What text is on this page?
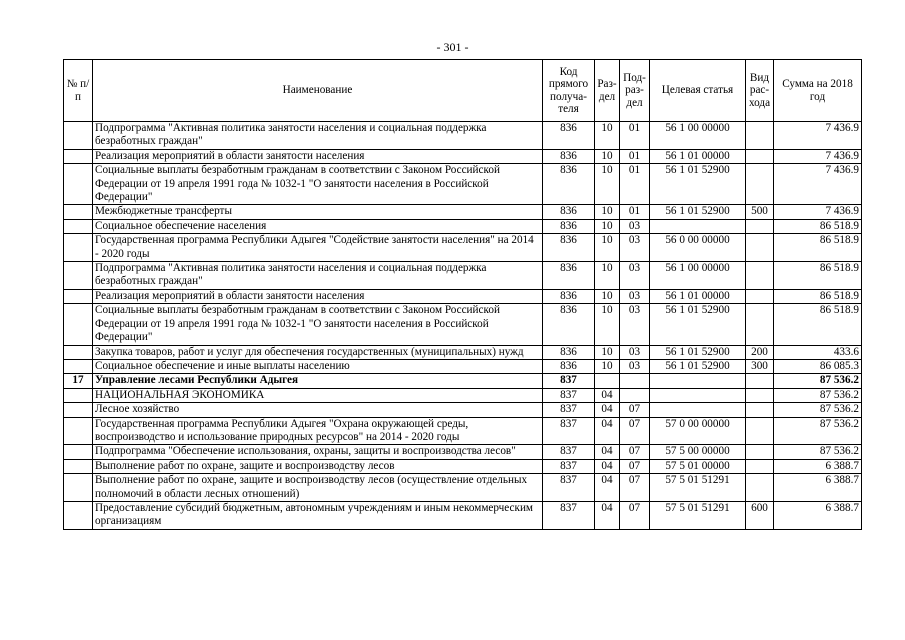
- 301 -
№ п/п	Наименование	Код прямого получа-теля	Раз-дел	Под-раз-дел	Целевая статья	Вид рас-хода	Сумма на 2018 год
	Подпрограмма "Активная политика занятости населения и социальная поддержка безработных граждан"	836	10	01	56 1 00 00000		7 436.9
	Реализация мероприятий в области занятости населения	836	10	01	56 1 01 00000		7 436.9
	Социальные выплаты безработным гражданам в соответствии с Законом Российской Федерации от 19 апреля 1991 года № 1032-1 "О занятости населения в Российской Федерации"	836	10	01	56 1 01 52900		7 436.9
	Межбюджетные трансферты	836	10	01	56 1 01 52900	500	7 436.9
	Социальное обеспечение населения	836	10	03			86 518.9
	Государственная программа Республики Адыгея "Содействие занятости населения" на 2014 - 2020 годы	836	10	03	56 0 00 00000		86 518.9
	Подпрограмма "Активная политика занятости населения и социальная поддержка безработных граждан"	836	10	03	56 1 00 00000		86 518.9
	Реализация мероприятий в области занятости населения	836	10	03	56 1 01 00000		86 518.9
	Социальные выплаты безработным гражданам в соответствии с Законом Российской Федерации от 19 апреля 1991 года № 1032-1 "О занятости населения в Российской Федерации"	836	10	03	56 1 01 52900		86 518.9
	Закупка товаров, работ и услуг для обеспечения государственных (муниципальных) нужд	836	10	03	56 1 01 52900	200	433.6
	Социальное обеспечение и иные выплаты населению	836	10	03	56 1 01 52900	300	86 085.3
17	Управление лесами Республики Адыгея	837					87 536.2
	НАЦИОНАЛЬНАЯ ЭКОНОМИКА	837	04				87 536.2
	Лесное хозяйство	837	04	07			87 536.2
	Государственная программа Республики Адыгея "Охрана окружающей среды, воспроизводство и использование природных ресурсов" на 2014 - 2020 годы	837	04	07	57 0 00 00000		87 536.2
	Подпрограмма "Обеспечение использования, охраны, защиты и воспроизводства лесов"	837	04	07	57 5 00 00000		87 536.2
	Выполнение работ по охране, защите и воспроизводству лесов	837	04	07	57 5 01 00000		6 388.7
	Выполнение работ по охране, защите и воспроизводству лесов (осуществление отдельных полномочий в области лесных отношений)	837	04	07	57 5 01 51291		6 388.7
	Предоставление субсидий бюджетным, автономным учреждениям и иным некоммерческим организациям	837	04	07	57 5 01 51291	600	6 388.7
